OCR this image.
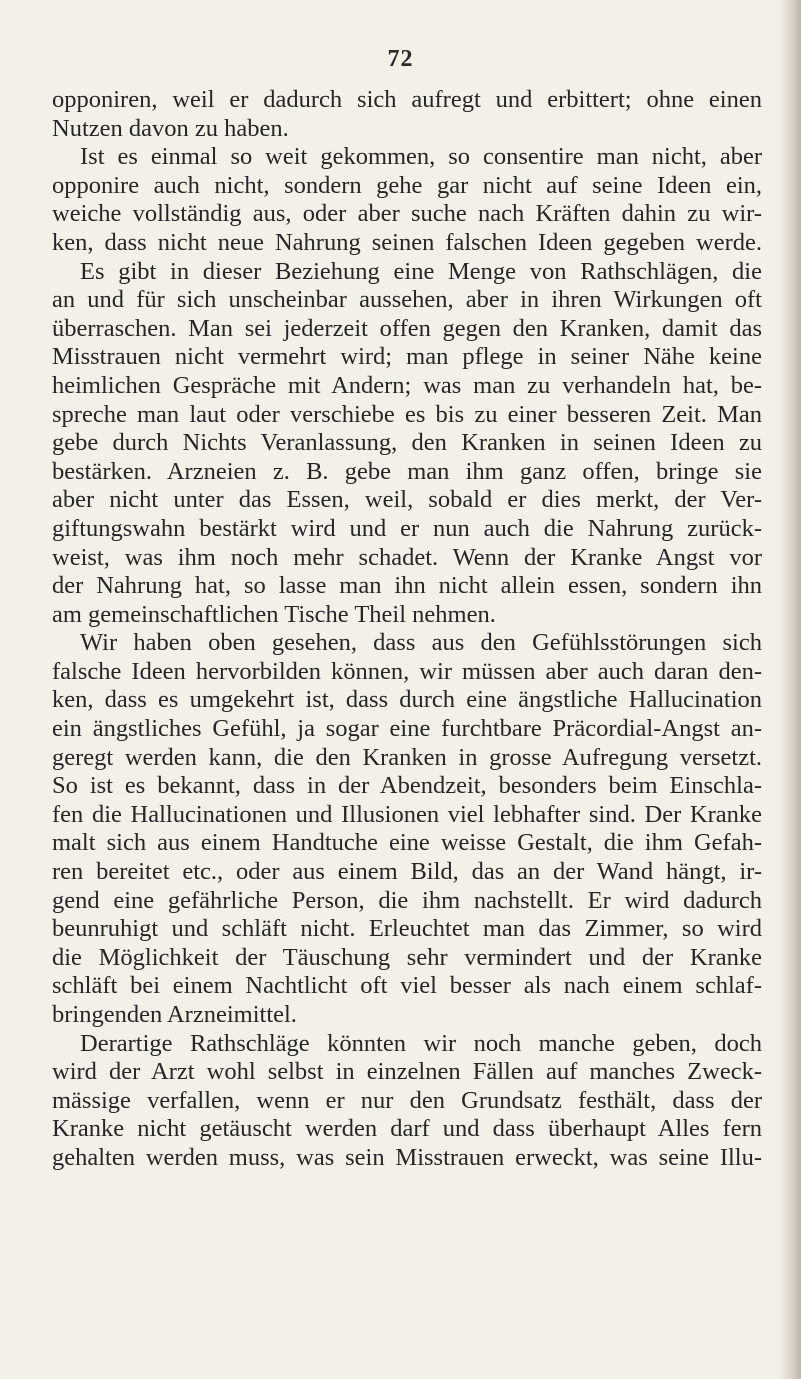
72
opponiren, weil er dadurch sich aufregt und erbittert; ohne einen
Nutzen davon zu haben.
Ist es einmal so weit gekommen, so consentire man nicht, aber
opponire auch nicht, sondern gehe gar nicht auf seine Ideen ein,
weiche vollständig aus, oder aber suche nach Kräften dahin zu wir-
ken, dass nicht neue Nahrung seinen falschen Ideen gegeben werde.
Es gibt in dieser Beziehung eine Menge von Rathschlägen, die
an und für sich unscheinbar aussehen, aber in ihren Wirkungen oft
überraschen. Man sei jederzeit offen gegen den Kranken, damit das
Misstrauen nicht vermehrt wird; man pflege in seiner Nähe keine
heimlichen Gespräche mit Andern; was man zu verhandeln hat, be-
spreche man laut oder verschiebe es bis zu einer besseren Zeit. Man
gebe durch Nichts Veranlassung, den Kranken in seinen Ideen zu
bestärken. Arzneien z. B. gebe man ihm ganz offen, bringe sie
aber nicht unter das Essen, weil, sobald er dies merkt, der Ver-
giftungswahn bestärkt wird und er nun auch die Nahrung zurück-
weist, was ihm noch mehr schadet. Wenn der Kranke Angst vor
der Nahrung hat, so lasse man ihn nicht allein essen, sondern ihn
am gemeinschaftlichen Tische Theil nehmen.
Wir haben oben gesehen, dass aus den Gefühlsstörungen sich
falsche Ideen hervorbilden können, wir müssen aber auch daran den-
ken, dass es umgekehrt ist, dass durch eine ängstliche Hallucination
ein ängstliches Gefühl, ja sogar eine furchtbare Präcordial-Angst an-
geregt werden kann, die den Kranken in grosse Aufregung versetzt.
So ist es bekannt, dass in der Abendzeit, besonders beim Einschla-
fen die Hallucinationen und Illusionen viel lebhafter sind. Der Kranke
malt sich aus einem Handtuche eine weisse Gestalt, die ihm Gefah-
ren bereitet etc., oder aus einem Bild, das an der Wand hängt, ir-
gend eine gefährliche Person, die ihm nachstellt. Er wird dadurch
beunruhigt und schläft nicht. Erleuchtet man das Zimmer, so wird
die Möglichkeit der Täuschung sehr vermindert und der Kranke
schläft bei einem Nachtlicht oft viel besser als nach einem schlaf-
bringenden Arzneimittel.
Derartige Rathschläge könnten wir noch manche geben, doch
wird der Arzt wohl selbst in einzelnen Fällen auf manches Zweck-
mässige verfallen, wenn er nur den Grundsatz festhält, dass der
Kranke nicht getäuscht werden darf und dass überhaupt Alles fern
gehalten werden muss, was sein Misstrauen erweckt, was seine Illu-
